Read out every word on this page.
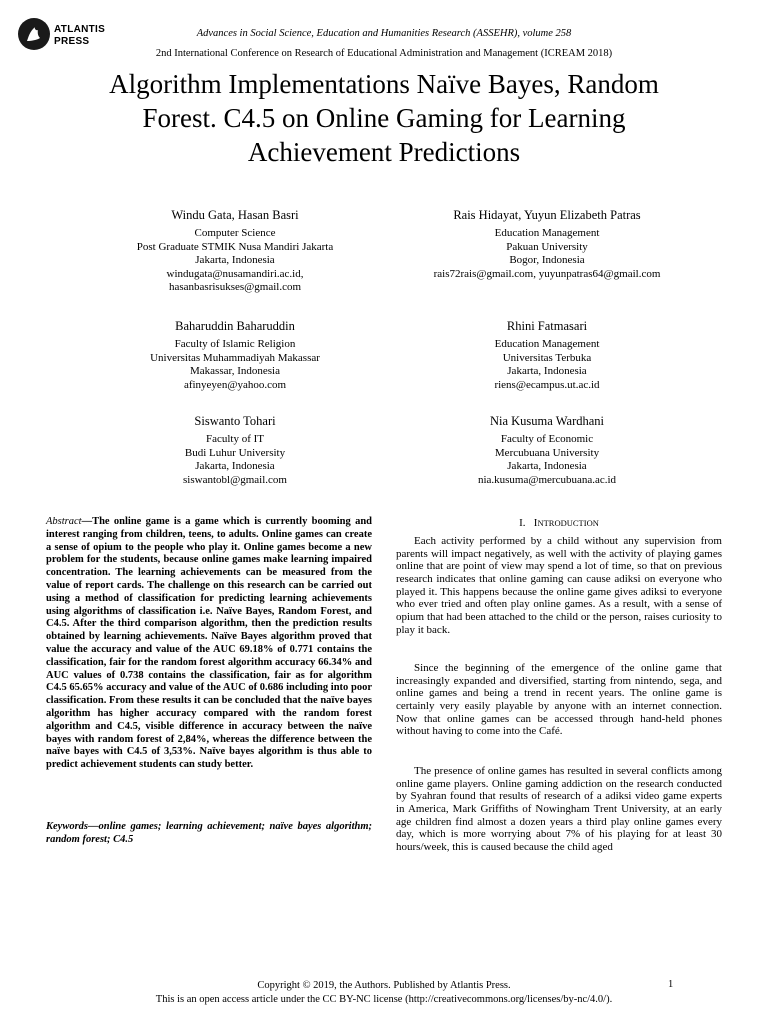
ATLANTIS
PRESS
Advances in Social Science, Education and Humanities Research (ASSEHR), volume 258
2nd International Conference on Research of Educational Administration and Management (ICREAM 2018)
Algorithm Implementations Naïve Bayes, Random
Forest. C4.5 on Online Gaming for Learning
Achievement Predictions
Windu Gata, Hasan Basri
Computer Science
Post Graduate STMIK Nusa Mandiri Jakarta
Jakarta, Indonesia
windugata@nusamandiri.ac.id,
hasanbasrisukses@gmail.com
Rais Hidayat, Yuyun Elizabeth Patras
Education Management
Pakuan University
Bogor, Indonesia
rais72rais@gmail.com, yuyunpatras64@gmail.com
Baharuddin Baharuddin
Faculty of Islamic Religion
Universitas Muhammadiyah Makassar
Makassar, Indonesia
afinyeyen@yahoo.com
Rhini Fatmasari
Education Management
Universitas Terbuka
Jakarta, Indonesia
riens@ecampus.ut.ac.id
Siswanto Tohari
Faculty of IT
Budi Luhur University
Jakarta, Indonesia
siswantobl@gmail.com
Nia Kusuma Wardhani
Faculty of Economic
Mercubuana University
Jakarta, Indonesia
nia.kusuma@mercubuana.ac.id
Abstract—The online game is a game which is currently booming and interest ranging from children, teens, to adults. Online games can create a sense of opium to the people who play it. Online games become a new problem for the students, because online games make learning impaired concentration. The learning achievements can be measured from the value of report cards. The challenge on this research can be carried out using a method of classification for predicting learning achievements using algorithms of classification i.e. Naïve Bayes, Random Forest, and C4.5. After the third comparison algorithm, then the prediction results obtained by learning achievements. Naïve Bayes algorithm proved that value the accuracy and value of the AUC 69.18% of 0.771 contains the classification, fair for the random forest algorithm accuracy 66.34% and AUC values of 0.738 contains the classification, fair as for algorithm C4.5 65.65% accuracy and value of the AUC of 0.686 including into poor classification. From these results it can be concluded that the naïve bayes algorithm has higher accuracy compared with the random forest algorithm and C4.5, visible difference in accuracy between the naïve bayes with random forest of 2,84%, whereas the difference between the naïve bayes with C4.5 of 3,53%. Naïve bayes algorithm is thus able to predict achievement students can study better.
Keywords—online games; learning achievement; naïve bayes algorithm; random forest; C4.5
I. INTRODUCTION
Each activity performed by a child without any supervision from parents will impact negatively, as well with the activity of playing games online that are point of view may spend a lot of time, so that on previous research indicates that online gaming can cause adiksi on everyone who played it. This happens because the online game gives adiksi to everyone who ever tried and often play online games. As a result, with a sense of opium that had been attached to the child or the person, raises curiosity to play it back.
Since the beginning of the emergence of the online game that increasingly expanded and diversified, starting from nintendo, sega, and online games and being a trend in recent years. The online game is certainly very easily playable by anyone with an internet connection. Now that online games can be accessed through hand-held phones without having to come into the Café.
The presence of online games has resulted in several conflicts among online game players. Online gaming addiction on the research conducted by Syahran found that results of research of a adiksi video game experts in America, Mark Griffiths of Nowingham Trent University, at an early age children find almost a dozen years a third play online games every day, which is more worrying about 7% of his playing for at least 30 hours/week, this is caused because the child aged
Copyright © 2019, the Authors. Published by Atlantis Press.	1
This is an open access article under the CC BY-NC license (http://creativecommons.org/licenses/by-nc/4.0/).
